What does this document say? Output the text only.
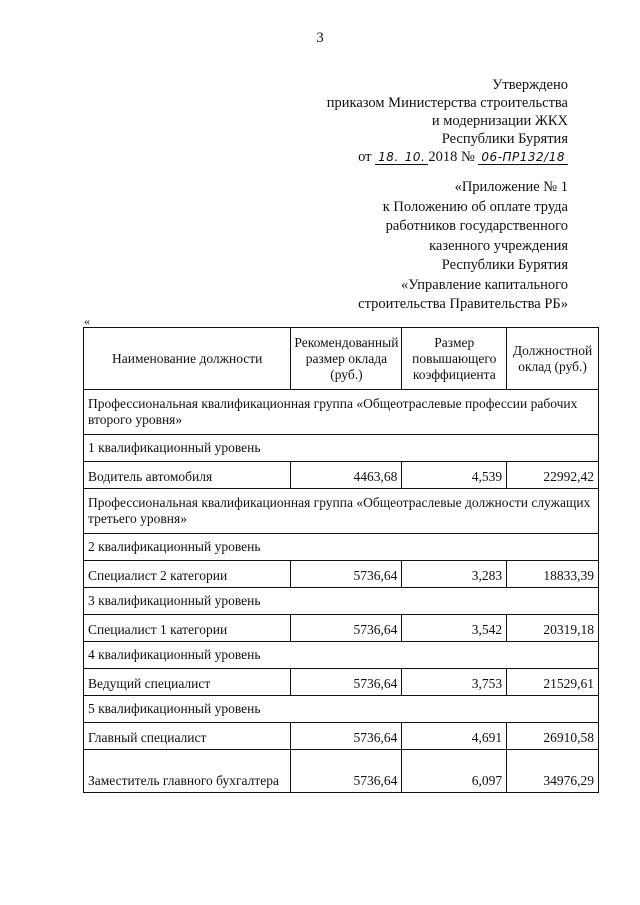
3
Утверждено
приказом Министерства строительства
и модернизации ЖКХ
Республики Бурятия
от 18. 10. 2018 № 06-ПР132/18
«Приложение № 1
к Положению об оплате труда
работников государственного
казенного учреждения
Республики Бурятия
«Управление капитального
строительства Правительства РБ»
«
Наименование должности	Рекомендованный размер оклада (руб.)	Размер повышающего коэффициента	Должностной оклад (руб.)
Профессиональная квалификационная группа «Общеотраслевые профессии рабочих второго уровня»			
1 квалификационный уровень			
Водитель автомобиля	4463,68	4,539	22992,42
Профессиональная квалификационная группа «Общеотраслевые должности служащих третьего уровня»			
2 квалификационный уровень			
Специалист 2 категории	5736,64	3,283	18833,39
3 квалификационный уровень			
Специалист 1 категории	5736,64	3,542	20319,18
4 квалификационный уровень			
Ведущий специалист	5736,64	3,753	21529,61
5 квалификационный уровень			
Главный специалист	5736,64	4,691	26910,58
Заместитель главного бухгалтера	5736,64	6,097	34976,29
